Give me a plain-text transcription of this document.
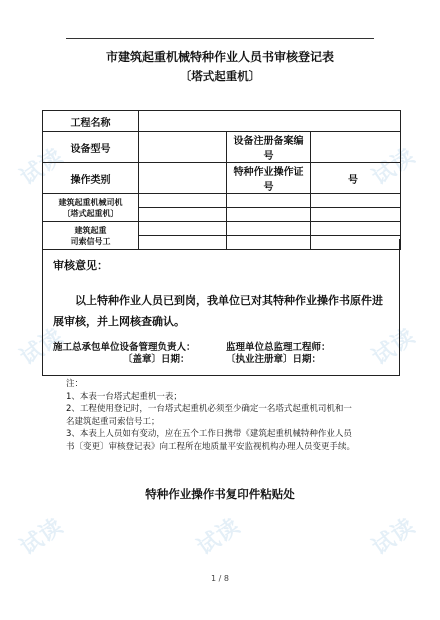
试读	试读
试读	试读
试读	试读	试读
市建筑起重机械特种作业人员书审核登记表
〔塔式起重机〕
工程名称			
设备型号		设备注册备案编号	
操作类别		特种作业操作证号	号

建筑起重机械司机
〔塔式起重机〕			

建筑起重
司索信号工			

审核意见：
以上特种作业人员已到岗，我单位已对其特种作业操作书原件进展审核，并上网核查确认。
施工总承包单位设备管理负责人：
〔盖章〕日期：
监理单位总监理工程师：
〔执业注册章〕日期：
注：
1、本表一台塔式起重机一表；
2、工程使用登记时，一台塔式起重机必须至少确定一名塔式起重机司机和一
名建筑起重司索信号工；
3、本表上人员如有变动，应在五个工作日携带《建筑起重机械特种作业人员
书〔变更〕审核登记表》向工程所在地质量平安监视机构办理人员变更手续。
特种作业操作书复印件粘贴处
1 / 8
